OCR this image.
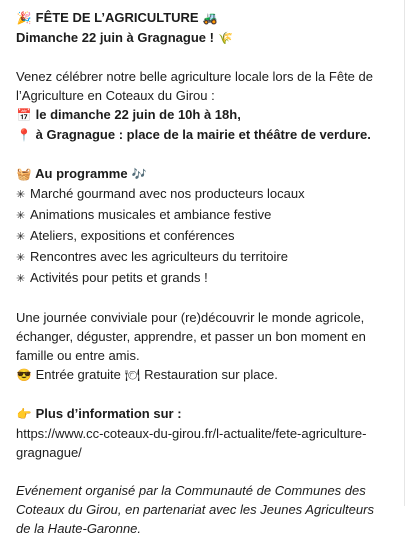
🎉 FÊTE DE L’AGRICULTURE 🚜
Dimanche 22 juin à Gragnague ! 🌾
Venez célébrer notre belle agriculture locale lors de la Fête de
l’Agriculture en Coteaux du Girou :
📅 le dimanche 22 juin de 10h à 18h,
📍 à Gragnague : place de la mairie et théâtre de verdure.
🧺 Au programme 🎶
✳ Marché gourmand avec nos producteurs locaux
✳ Animations musicales et ambiance festive
✳ Ateliers, expositions et conférences
✳ Rencontres avec les agriculteurs du territoire
✳ Activités pour petits et grands !
Une journée conviviale pour (re)découvrir le monde agricole,
échanger, déguster, apprendre, et passer un bon moment en
famille ou entre amis.
😎 Entrée gratuite 🍽 Restauration sur place.
👉 Plus d’information sur :
https://www.cc-coteaux-du-girou.fr/l-actualite/fete-agriculture-
gragnague/
Evénement organisé par la Communauté de Communes des
Coteaux du Girou, en partenariat avec les Jeunes Agriculteurs
de la Haute-Garonne.
